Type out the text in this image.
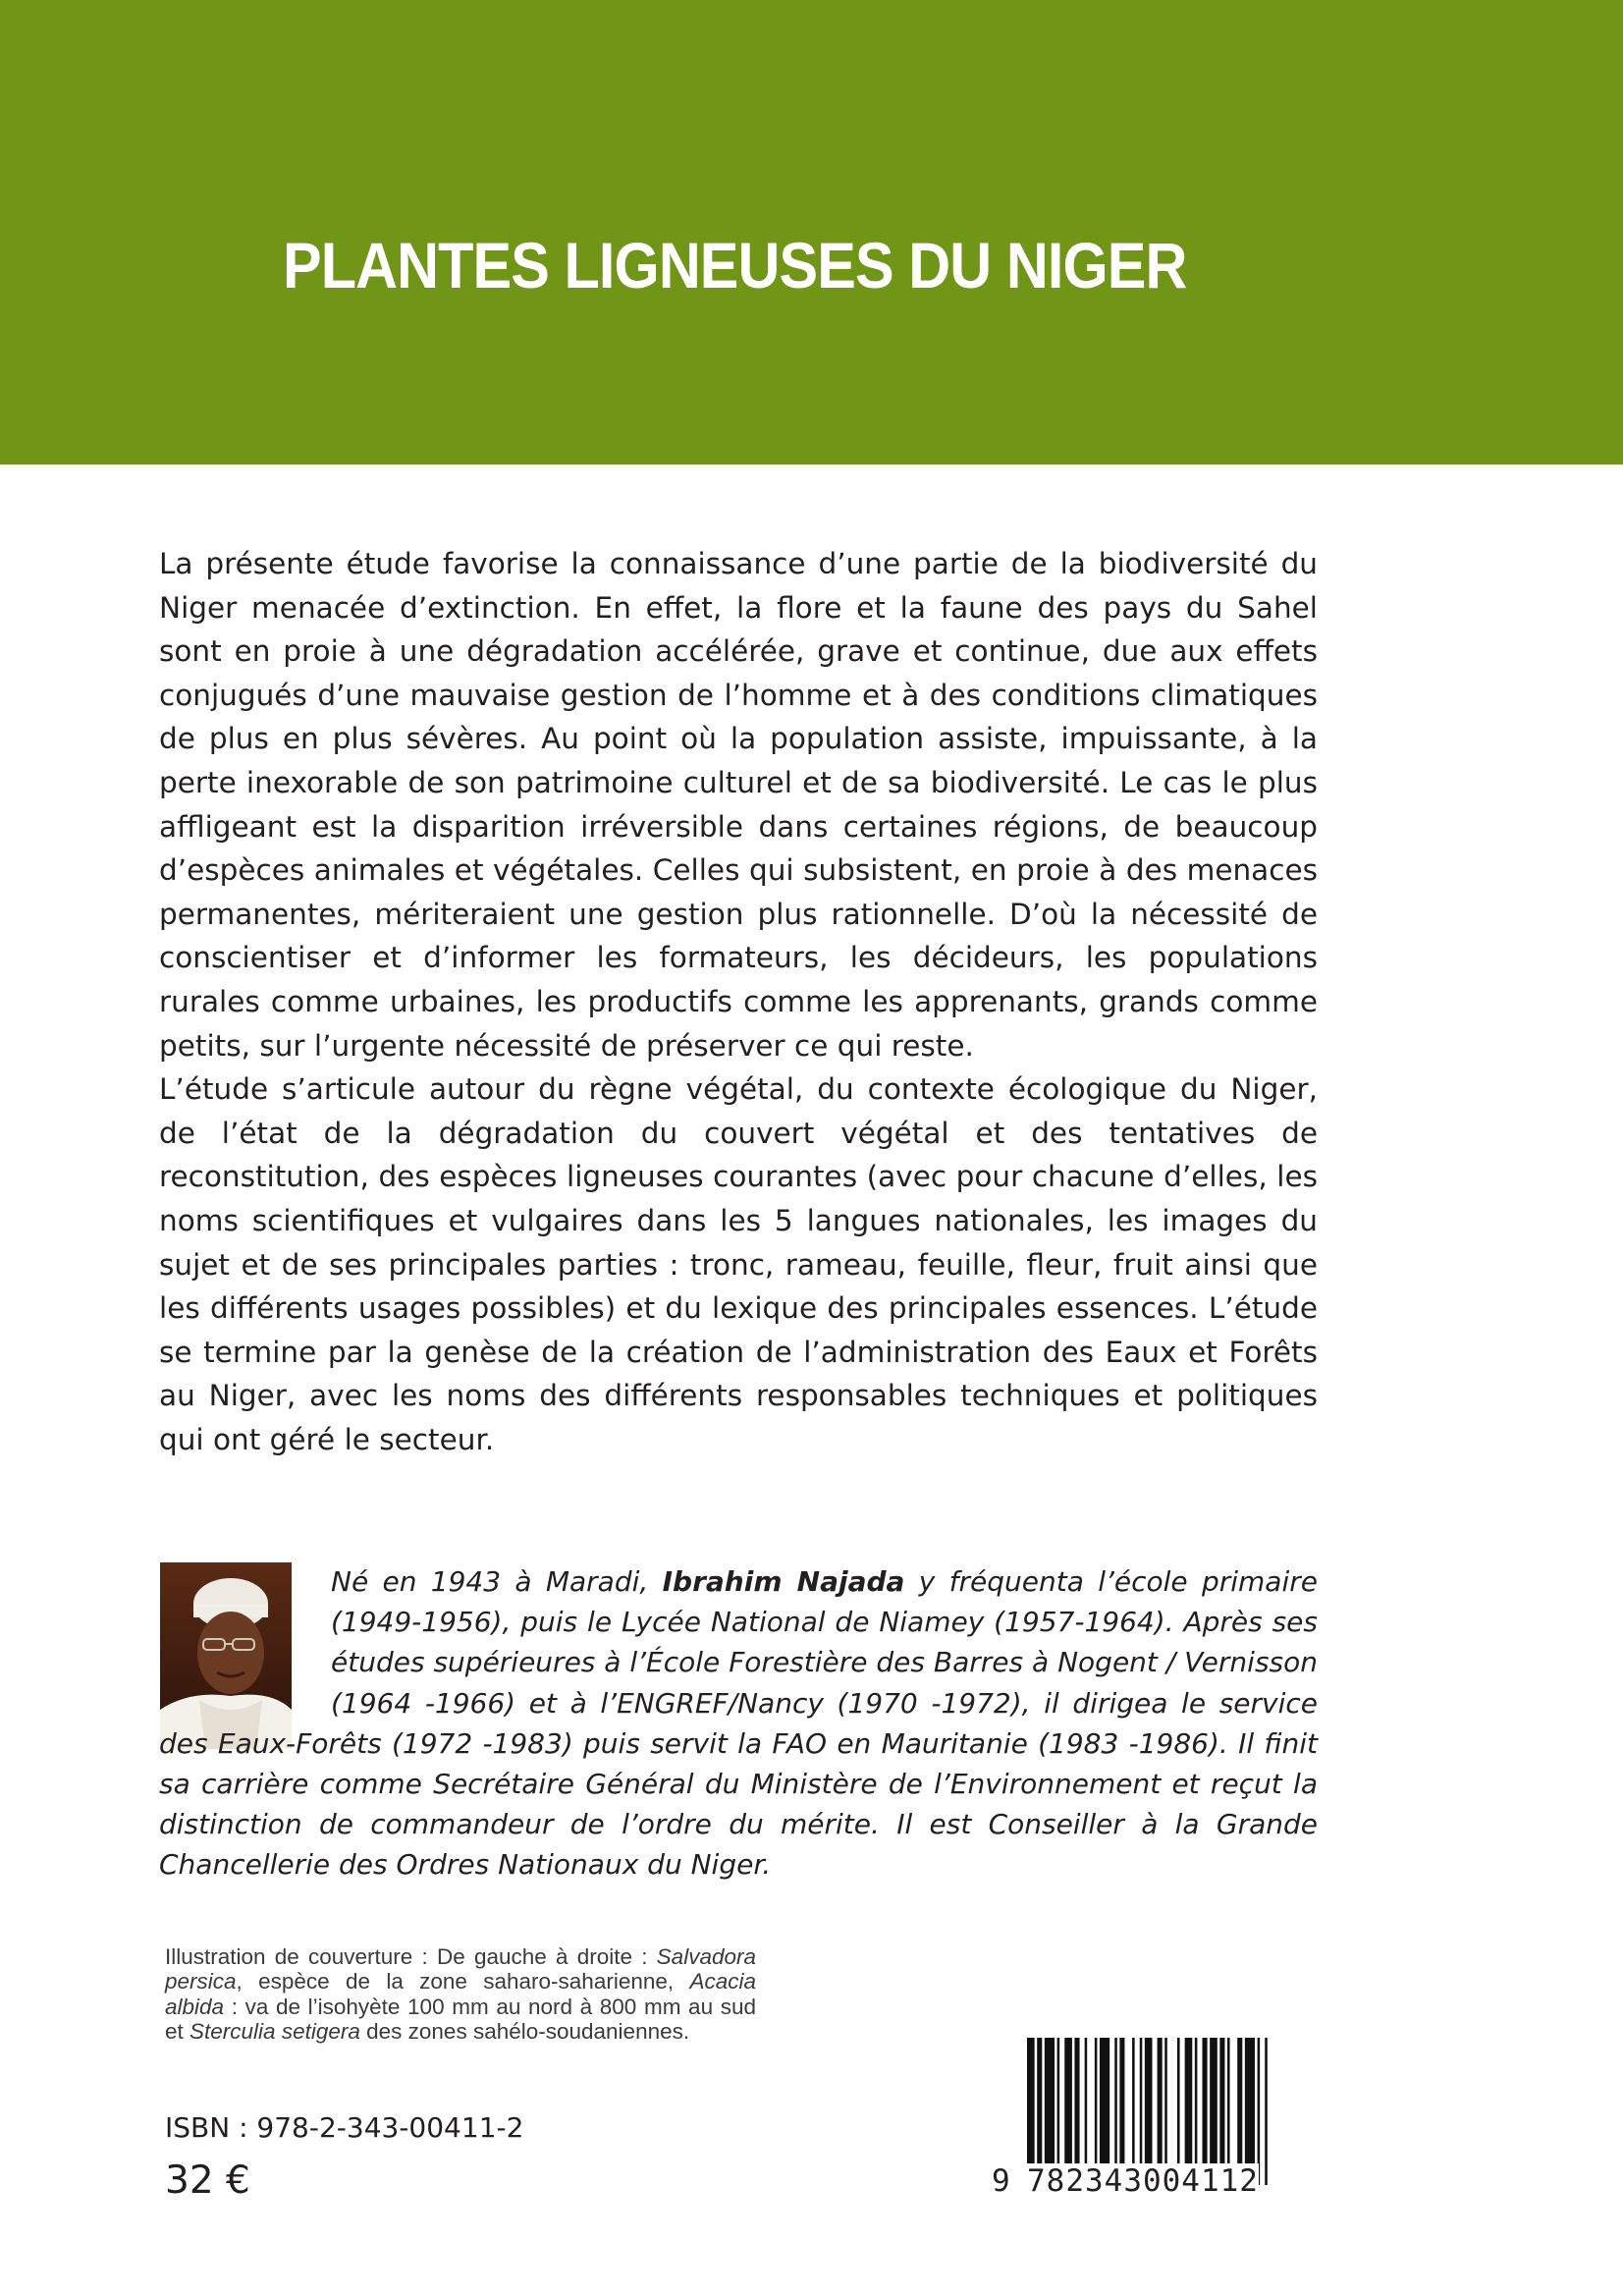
PLANTES LIGNEUSES DU NIGER

La présente étude favorise la connaissance d’une partie de la biodiversité du Niger menacée d’extinction. En effet, la flore et la faune des pays du Sahel sont en proie à une dégradation accélérée, grave et continue, due aux effets conjugués d’une mauvaise gestion de l’homme et à des conditions climatiques de plus en plus sévères. Au point où la population assiste, impuissante, à la perte inexorable de son patrimoine culturel et de sa biodiversité. Le cas le plus affligeant est la disparition irréversible dans certaines régions, de beaucoup d’espèces animales et végétales. Celles qui subsistent, en proie à des menaces permanentes, mériteraient une gestion plus rationnelle. D’où la nécessité de conscientiser et d’informer les formateurs, les décideurs, les populations rurales comme urbaines, les productifs comme les apprenants, grands comme petits, sur l’urgente nécessité de préserver ce qui reste.

L’étude s’articule autour du règne végétal, du contexte écologique du Niger, de l’état de la dégradation du couvert végétal et des tentatives de reconstitution, des espèces ligneuses courantes (avec pour chacune d’elles, les noms scientifiques et vulgaires dans les 5 langues nationales, les images du sujet et de ses principales parties : tronc, rameau, feuille, fleur, fruit ainsi que les différents usages possibles) et du lexique des principales essences. L’étude se termine par la genèse de la création de l’administration des Eaux et Forêts au Niger, avec les noms des différents responsables techniques et politiques qui ont géré le secteur.

Né en 1943 à Maradi, Ibrahim Najada y fréquenta l’école primaire (1949-1956), puis le Lycée National de Niamey (1957-1964). Après ses études supérieures à l’École Forestière des Barres à Nogent / Vernisson (1964 -1966) et à l’ENGREF/Nancy (1970 -1972), il dirigea le service des Eaux-Forêts (1972 -1983) puis servit la FAO en Mauritanie (1983 -1986). Il finit sa carrière comme Secrétaire Général du Ministère de l’Environnement et reçut la distinction de commandeur de l’ordre du mérite. Il est Conseiller à la Grande Chancellerie des Ordres Nationaux du Niger.
Illustration de couverture : De gauche à droite : Salvadora persica, espèce de la zone saharo-saharienne, Acacia albida : va de l’isohyète 100 mm au nord à 800 mm au sud et Sterculia setigera des zones sahélo-soudaniennes.

ISBN : 978-2-343-00411-2

32 €	9 782343004112
